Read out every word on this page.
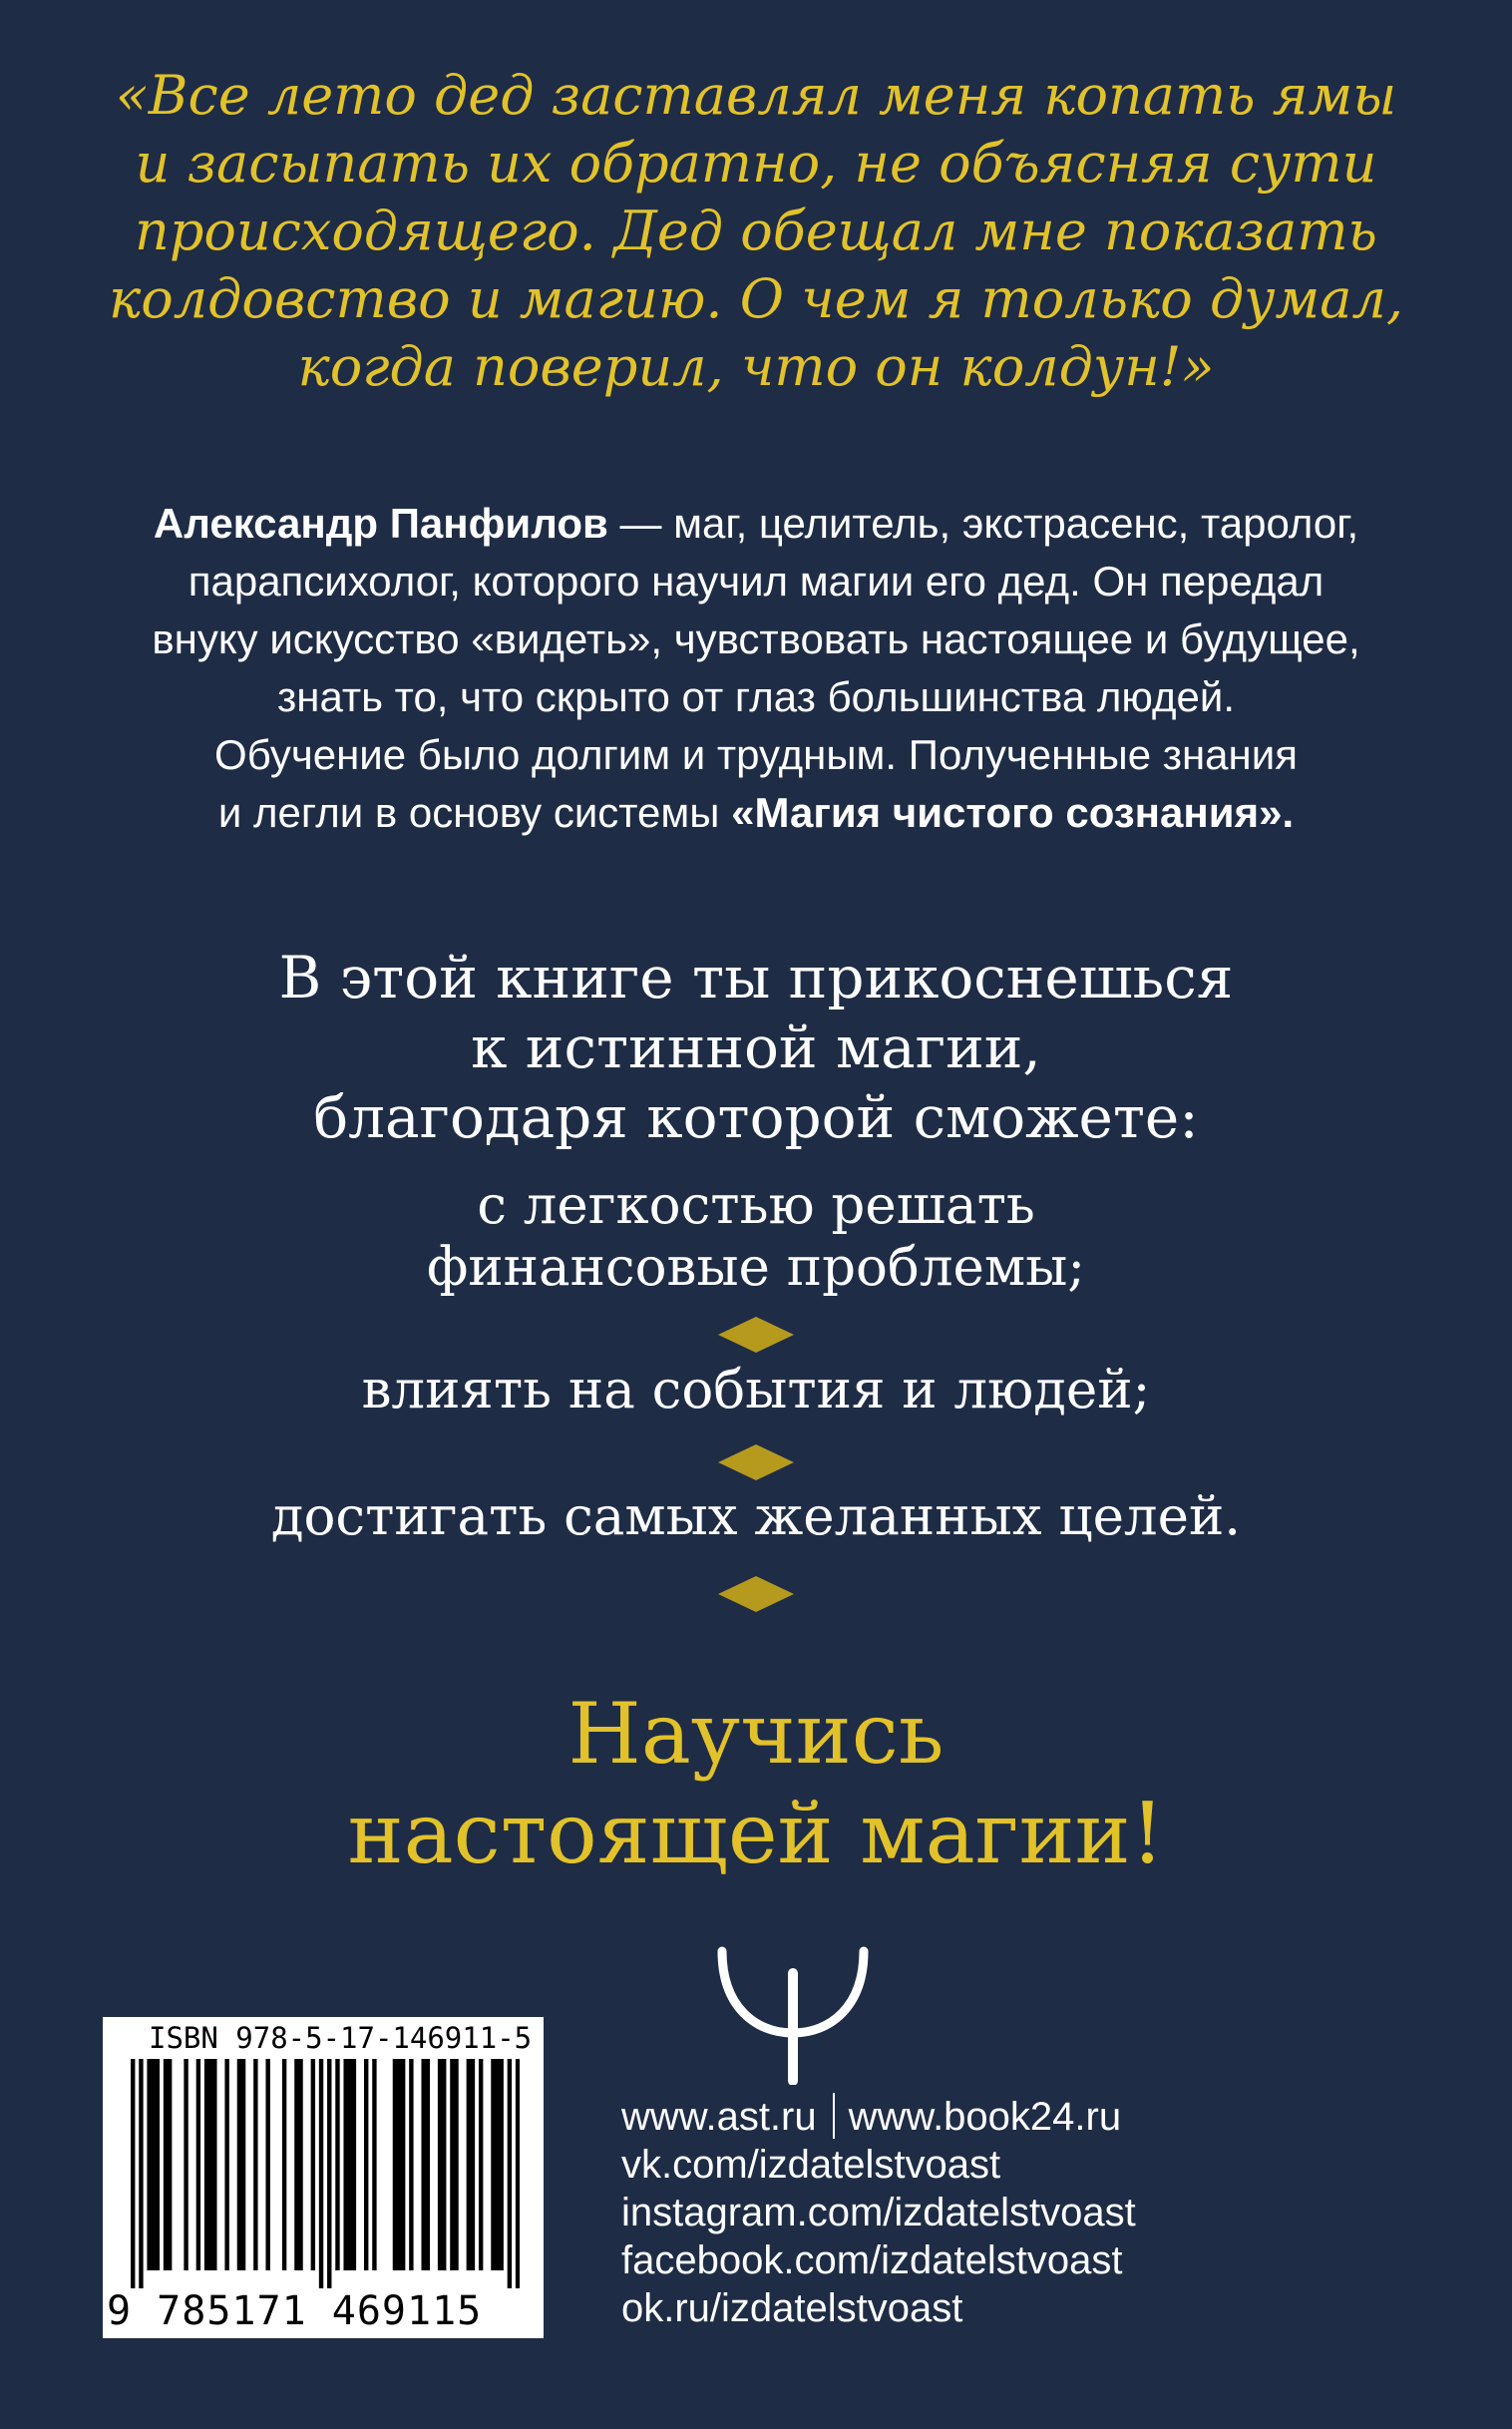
«Все лето дед заставлял меня копать ямы
и засыпать их обратно, не объясняя сути
происходящего. Дед обещал мне показать
колдовство и магию. О чем я только думал,
когда поверил, что он колдун!»
Александр Панфилов — маг, целитель, экстрасенс, таролог,
парапсихолог, которого научил магии его дед. Он передал
внуку искусство «видеть», чувствовать настоящее и будущее,
знать то, что скрыто от глаз большинства людей.
Обучение было долгим и трудным. Полученные знания
и легли в основу системы «Магия чистого сознания».
В этой книге ты прикоснешься
к истинной магии,
благодаря которой сможете:
с легкостью решать
финансовые проблемы;
влиять на события и людей;
достигать самых желанных целей.
Научись
настоящей магии!
ISBN 978-5-17-146911-5
9 785171 469115
www.ast.ru www.book24.ru
vk.com/izdatelstvoast
instagram.com/izdatelstvoast
facebook.com/izdatelstvoast
ok.ru/izdatelstvoast
